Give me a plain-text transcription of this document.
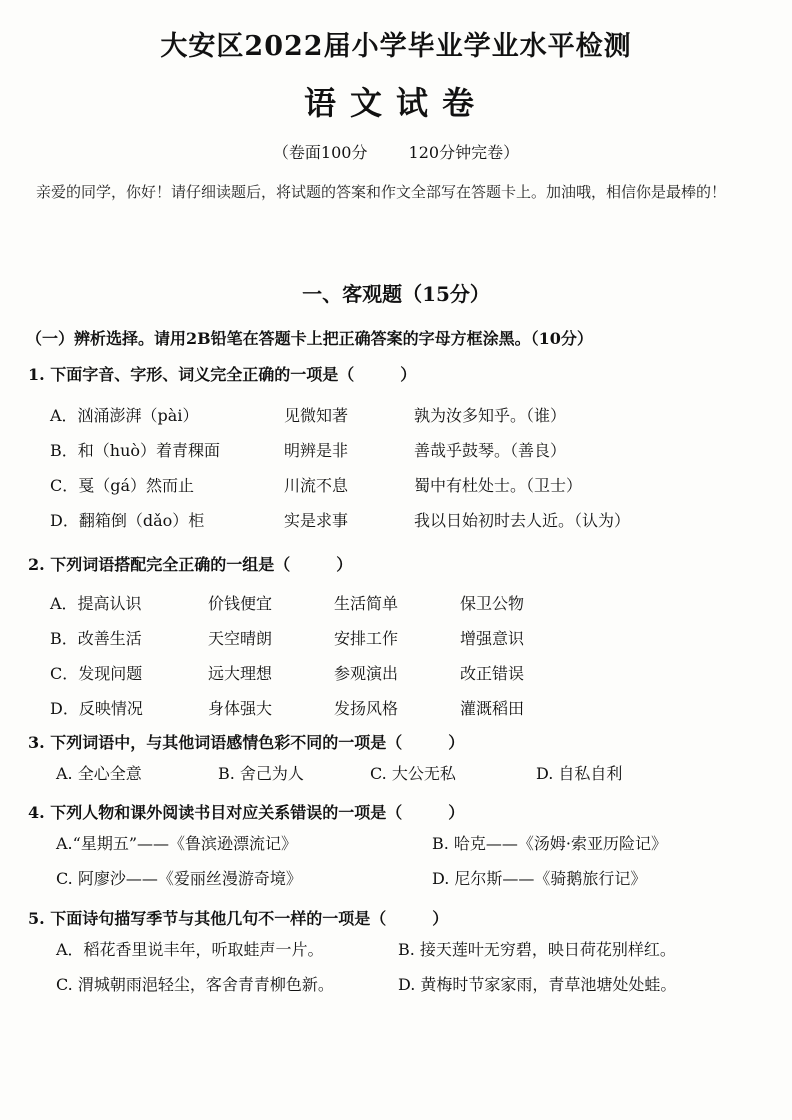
大安区2022届小学毕业学业水平检测
语文试卷
（卷面100分	120分钟完卷）
亲爱的同学，你好！请仔细读题后，将试题的答案和作文全部写在答题卡上。加油哦，相信你是最棒的！
一、客观题（15分）
（一）辨析选择。请用2B铅笔在答题卡上把正确答案的字母方框涂黑。（10分）
1. 下面字音、字形、词义完全正确的一项是（	）
A．汹涌澎湃（pài）	见微知著	孰为汝多知乎。（谁）
B．和（huò）着青稞面	明辨是非	善哉乎鼓琴。（善良）
C．戛（gá）然而止	川流不息	蜀中有杜处士。（卫士）
D．翻箱倒（dǎo）柜	实是求事	我以日始初时去人近。（认为）
2. 下列词语搭配完全正确的一组是（	）
A．提高认识	价钱便宜	生活简单	保卫公物
B．改善生活	天空晴朗	安排工作	增强意识
C．发现问题	远大理想	参观演出	改正错误
D．反映情况	身体强大	发扬风格	灌溉稻田
3. 下列词语中，与其他词语感情色彩不同的一项是（	）
A. 全心全意	B. 舍己为人	C. 大公无私	D. 自私自利
4. 下列人物和课外阅读书目对应关系错误的一项是（	）
A.“星期五”——《鲁滨逊漂流记》	B. 哈克——《汤姆·索亚历险记》
C. 阿廖沙——《爱丽丝漫游奇境》	D. 尼尔斯——《骑鹅旅行记》
5. 下面诗句描写季节与其他几句不一样的一项是（	）
A．稻花香里说丰年，听取蛙声一片。	B. 接天莲叶无穷碧，映日荷花别样红。
C. 渭城朝雨浥轻尘，客舍青青柳色新。	D. 黄梅时节家家雨，青草池塘处处蛙。
